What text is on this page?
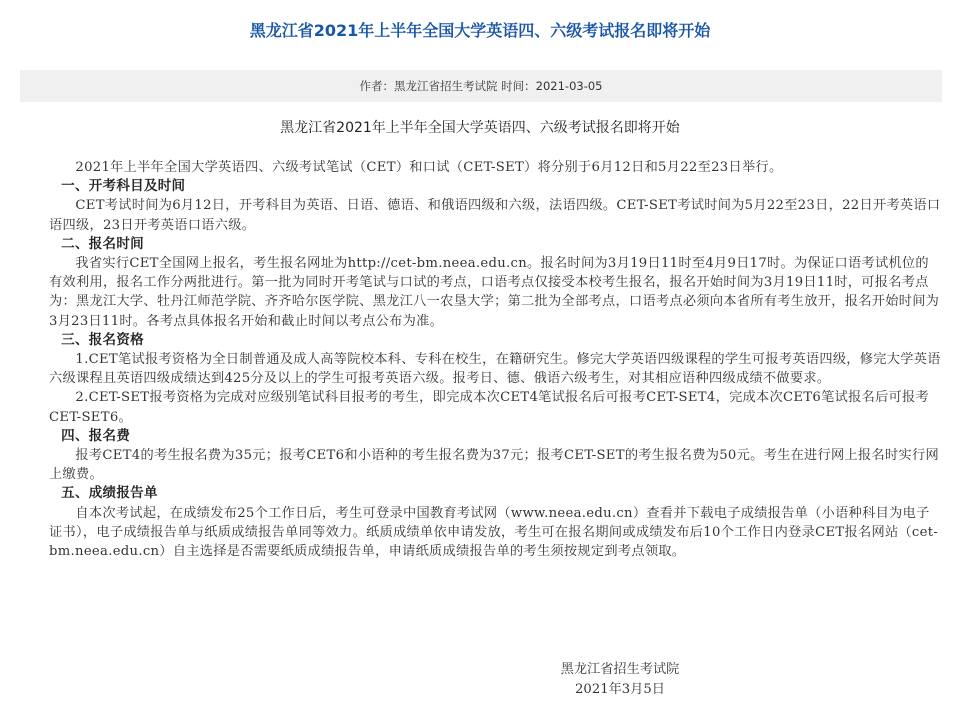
黑龙江省2021年上半年全国大学英语四、六级考试报名即将开始
作者：黑龙江省招生考试院 时间：2021-03-05
黑龙江省2021年上半年全国大学英语四、六级考试报名即将开始

2021年上半年全国大学英语四、六级考试笔试（CET）和口试（CET-SET）将分别于6月12日和5月22至23日举行。

一、开考科目及时间

CET考试时间为6月12日，开考科目为英语、日语、德语、和俄语四级和六级，法语四级。CET-SET考试时间为5月22至23日，22日开考英语口语四级，23日开考英语口语六级。

二、报名时间

我省实行CET全国网上报名，考生报名网址为http://cet-bm.neea.edu.cn。报名时间为3月19日11时至4月9日17时。为保证口语考试机位的有效利用，报名工作分两批进行。第一批为同时开考笔试与口试的考点，口语考点仅接受本校考生报名，报名开始时间为3月19日11时，可报名考点为：黑龙江大学、牡丹江师范学院、齐齐哈尔医学院、黑龙江八一农垦大学；第二批为全部考点，口语考点必须向本省所有考生放开，报名开始时间为3月23日11时。各考点具体报名开始和截止时间以考点公布为准。

三、报名资格

1.CET笔试报考资格为全日制普通及成人高等院校本科、专科在校生，在籍研究生。修完大学英语四级课程的学生可报考英语四级，修完大学英语六级课程且英语四级成绩达到425分及以上的学生可报考英语六级。报考日、德、俄语六级考生，对其相应语种四级成绩不做要求。

2.CET-SET报考资格为完成对应级别笔试科目报考的考生，即完成本次CET4笔试报名后可报考CET-SET4，完成本次CET6笔试报名后可报考CET-SET6。

四、报名费

报考CET4的考生报名费为35元；报考CET6和小语种的考生报名费为37元；报考CET-SET的考生报名费为50元。考生在进行网上报名时实行网上缴费。

五、成绩报告单

自本次考试起，在成绩发布25个工作日后，考生可登录中国教育考试网（www.neea.edu.cn）查看并下载电子成绩报告单（小语种科目为电子证书），电子成绩报告单与纸质成绩报告单同等效力。纸质成绩单依申请发放，考生可在报名期间或成绩发布后10个工作日内登录CET报名网站（cet-bm.neea.edu.cn）自主选择是否需要纸质成绩报告单，申请纸质成绩报告单的考生须按规定到考点领取。

黑龙江省招生考试院
2021年3月5日
